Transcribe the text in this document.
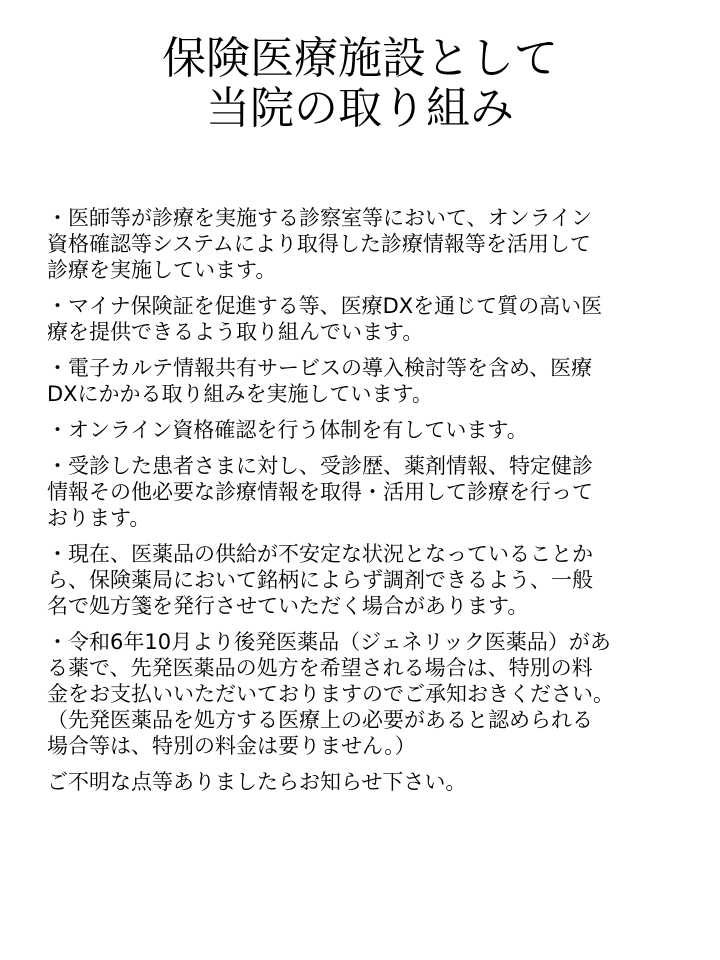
保険医療施設として
当院の取り組み
・医師等が診療を実施する診察室等において、オンライン
資格確認等システムにより取得した診療情報等を活用して
診療を実施しています。
・マイナ保険証を促進する等、医療DXを通じて質の高い医
療を提供できるよう取り組んでいます。
・電子カルテ情報共有サービスの導入検討等を含め、医療
DXにかかる取り組みを実施しています。
・オンライン資格確認を行う体制を有しています。
・受診した患者さまに対し、受診歴、薬剤情報、特定健診
情報その他必要な診療情報を取得・活用して診療を行って
おります。
・現在、医薬品の供給が不安定な状況となっていることか
ら、保険薬局において銘柄によらず調剤できるよう、一般
名で処方箋を発行させていただく場合があります。
・令和6年10月より後発医薬品（ジェネリック医薬品）があ
る薬で、先発医薬品の処方を希望される場合は、特別の料
金をお支払いいただいておりますのでご承知おきください。
（先発医薬品を処方する医療上の必要があると認められる
場合等は、特別の料金は要りません。）
ご不明な点等ありましたらお知らせ下さい。
